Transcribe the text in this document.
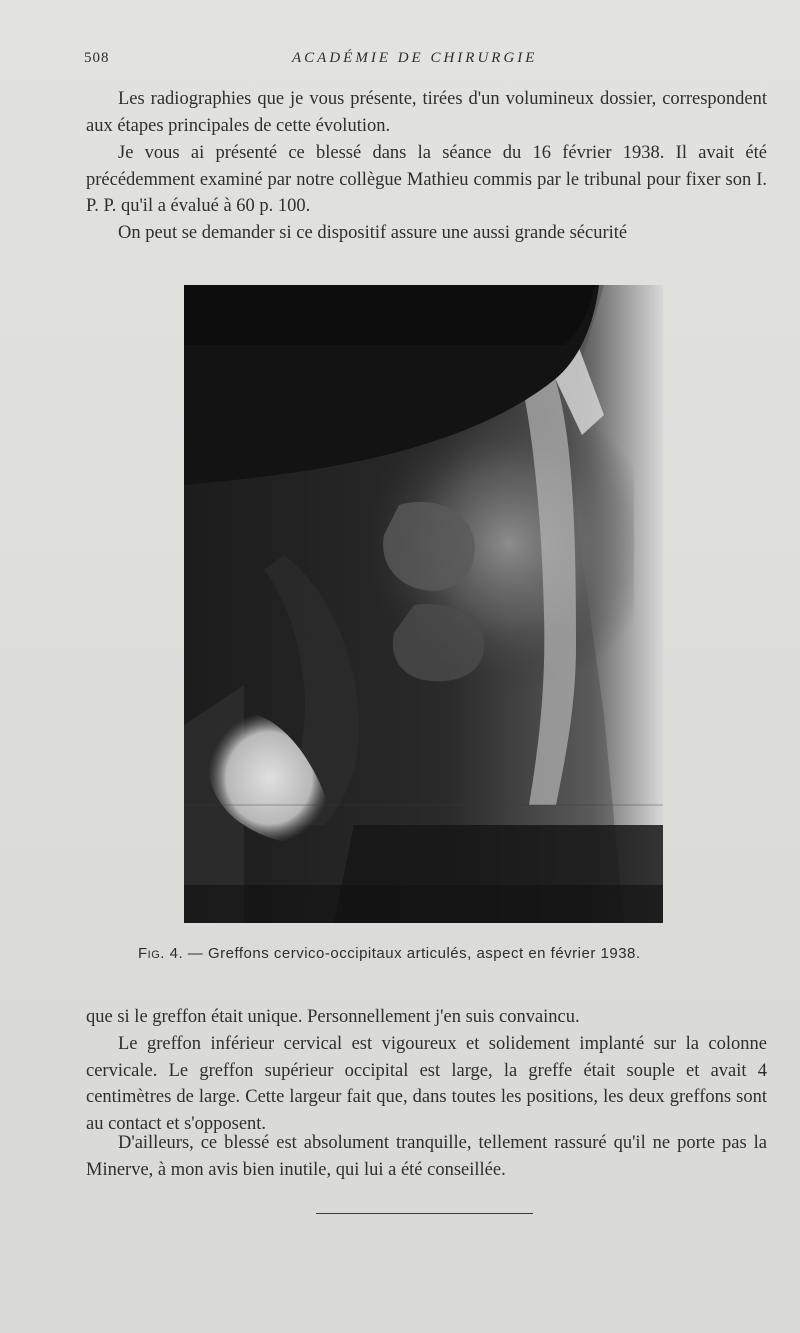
508	ACADÉMIE DE CHIRURGIE

Les radiographies que je vous présente, tirées d'un volumineux dossier, correspondent aux étapes principales de cette évolution.

Je vous ai présenté ce blessé dans la séance du 16 février 1938. Il avait été précédemment examiné par notre collègue Mathieu commis par le tribunal pour fixer son I. P. P. qu'il a évalué à 60 p. 100.

On peut se demander si ce dispositif assure une aussi grande sécurité

Fig. 4. — Greffons cervico-occipitaux articulés, aspect en février 1938.

que si le greffon était unique. Personnellement j'en suis convaincu.

Le greffon inférieur cervical est vigoureux et solidement implanté sur la colonne cervicale. Le greffon supérieur occipital est large, la greffe était souple et avait 4 centimètres de large. Cette largeur fait que, dans toutes les positions, les deux greffons sont au contact et s'opposent.

D'ailleurs, ce blessé est absolument tranquille, tellement rassuré qu'il ne porte pas la Minerve, à mon avis bien inutile, qui lui a été conseillée.
